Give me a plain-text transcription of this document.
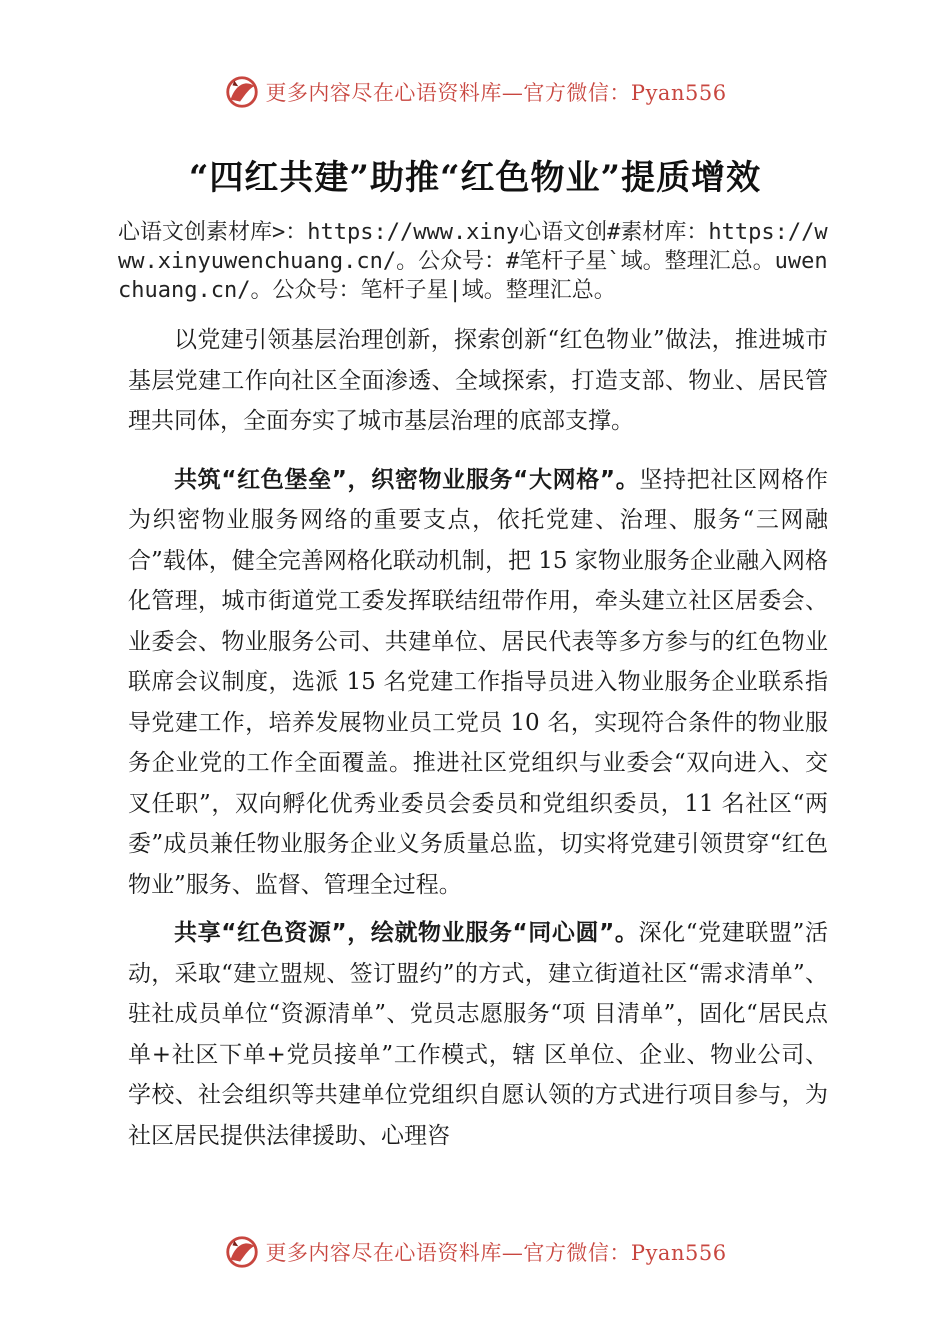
更多内容尽在心语资料库—官方微信：Pyan556
“四红共建”助推“红色物业”提质增效
心语文创素材库>：https://www.xiny心语文创#素材库：https://www.xinyuwenchuang.cn/。公众号：#笔杆子星`域。整理汇总。uwenchuang.cn/。公众号：笔杆子星|域。整理汇总。

以党建引领基层治理创新，探索创新“红色物业”做法，推进城市基层党建工作向社区全面渗透、全域探索，打造支部、物业、居民管理共同体，全面夯实了城市基层治理的底部支撑。

共筑“红色堡垒”，织密物业服务“大网格”。坚持把社区网格作为织密物业服务网络的重要支点，依托党建、治理、服务“三网融合”载体，健全完善网格化联动机制，把 15 家物业服务企业融入网格化管理，城市街道党工委发挥联结纽带作用，牵头建立社区居委会、业委会、物业服务公司、共建单位、居民代表等多方参与的红色物业联席会议制度，选派 15 名党建工作指导员进入物业服务企业联系指导党建工作，培养发展物业员工党员 10 名，实现符合条件的物业服务企业党的工作全面覆盖。推进社区党组织与业委会“双向进入、交叉任职”，双向孵化优秀业委员会委员和党组织委员，11 名社区“两委”成员兼任物业服务企业义务质量总监，切实将党建引领贯穿“红色物业”服务、监督、管理全过程。

共享“红色资源”，绘就物业服务“同心圆”。深化“党建联盟”活动，采取“建立盟规、签订盟约”的方式，建立街道社区“需求清单”、驻社成员单位“资源清单”、党员志愿服务“项 目清单”，固化“居民点单+社区下单+党员接单”工作模式，辖 区单位、企业、物业公司、学校、社会组织等共建单位党组织自愿认领的方式进行项目参与，为社区居民提供法律援助、心理咨

更多内容尽在心语资料库—官方微信：Pyan556
